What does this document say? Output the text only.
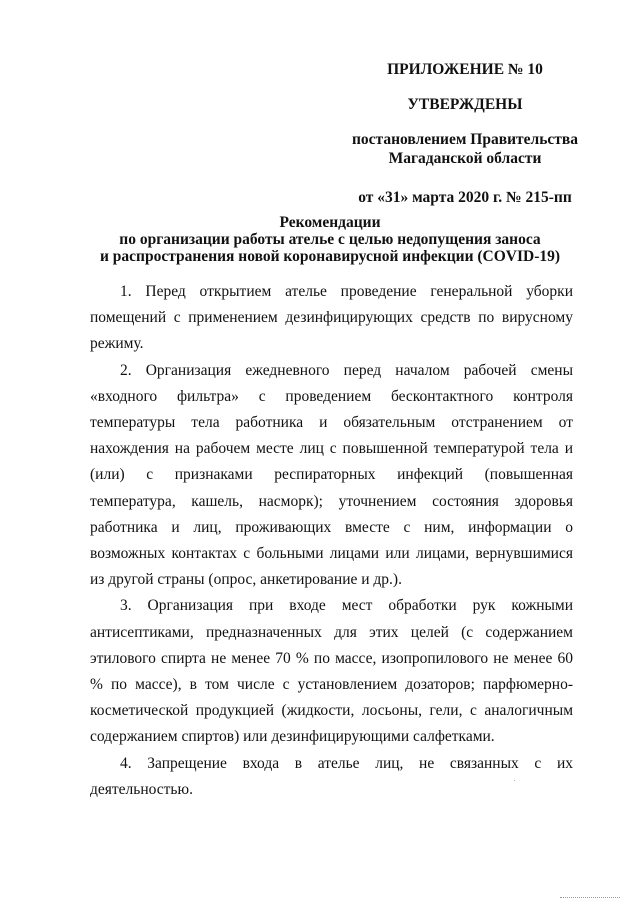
ПРИЛОЖЕНИЕ № 10
УТВЕРЖДЕНЫ
постановлением Правительства
Магаданской области
от «31» марта 2020 г. № 215-пп
Рекомендации
по организации работы ателье с целью недопущения заноса
и распространения новой коронавирусной инфекции (COVID-19)

1. Перед открытием ателье проведение генеральной уборки помещений с применением дезинфицирующих средств по вирусному режиму.

2. Организация ежедневного перед началом рабочей смены «входного фильтра» с проведением бесконтактного контроля температуры тела работника и обязательным отстранением от нахождения на рабочем месте лиц с повышенной температурой тела и (или) с признаками респираторных инфекций (повышенная температура, кашель, насморк); уточнением состояния здоровья работника и лиц, проживающих вместе с ним, информации о возможных контактах с больными лицами или лицами, вернувшимися из другой страны (опрос, анкетирование и др.).

3. Организация при входе мест обработки рук кожными антисептиками, предназначенных для этих целей (с содержанием этилового спирта не менее 70 % по массе, изопропилового не менее 60 % по массе), в том числе с установлением дозаторов; парфюмерно-косметической продукцией (жидкости, лосьоны, гели, с аналогичным содержанием спиртов) или дезинфицирующими салфетками.

4. Запрещение входа в ателье лиц, не связанных с их деятельностью.
